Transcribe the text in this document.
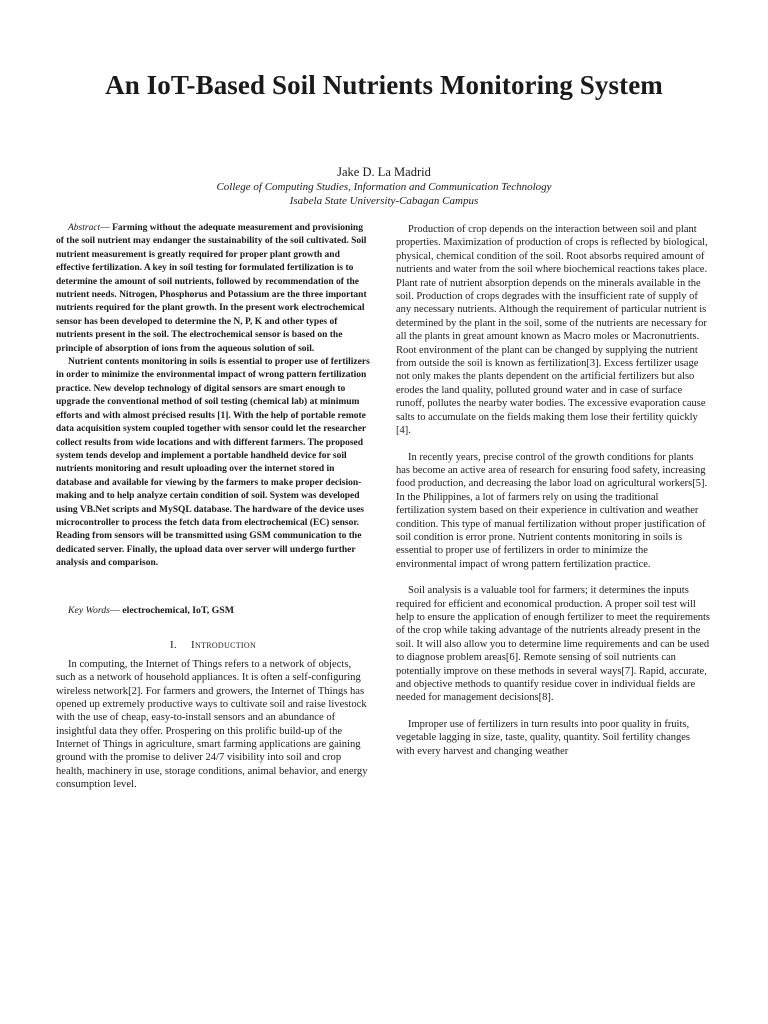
An IoT-Based Soil Nutrients Monitoring System
Jake D. La Madrid
College of Computing Studies, Information and Communication Technology
Isabela State University-Cabagan Campus

Abstract— Farming without the adequate measurement and provisioning of the soil nutrient may endanger the sustainability of the soil cultivated. Soil nutrient measurement is greatly required for proper plant growth and effective fertilization. A key in soil testing for formulated fertilization is to determine the amount of soil nutrients, followed by recommendation of the nutrient needs. Nitrogen, Phosphorus and Potassium are the three important nutrients required for the plant growth. In the present work electrochemical sensor has been developed to determine the N, P, K and other types of nutrients present in the soil. The electrochemical sensor is based on the principle of absorption of ions from the aqueous solution of soil.

Nutrient contents monitoring in soils is essential to proper use of fertilizers in order to minimize the environmental impact of wrong pattern fertilization practice. New develop technology of digital sensors are smart enough to upgrade the conventional method of soil testing (chemical lab) at minimum efforts and with almost précised results [1]. With the help of portable remote data acquisition system coupled together with sensor could let the researcher collect results from wide locations and with different farmers. The proposed system tends develop and implement a portable handheld device for soil nutrients monitoring and result uploading over the internet stored in database and available for viewing by the farmers to make proper decision-making and to help analyze certain condition of soil. System was developed using VB.Net scripts and MySQL database. The hardware of the device uses microcontroller to process the fetch data from electrochemical (EC) sensor. Reading from sensors will be transmitted using GSM communication to the dedicated server. Finally, the upload data over server will undergo further analysis and comparison.

Key Words— electrochemical, IoT, GSM

I. Introduction

In computing, the Internet of Things refers to a network of objects, such as a network of household appliances. It is often a self-configuring wireless network[2]. For farmers and growers, the Internet of Things has opened up extremely productive ways to cultivate soil and raise livestock with the use of cheap, easy-to-install sensors and an abundance of insightful data they offer. Prospering on this prolific build-up of the Internet of Things in agriculture, smart farming applications are gaining ground with the promise to deliver 24/7 visibility into soil and crop health, machinery in use, storage conditions, animal behavior, and energy consumption level.

Production of crop depends on the interaction between soil and plant properties. Maximization of production of crops is reflected by biological, physical, chemical condition of the soil. Root absorbs required amount of nutrients and water from the soil where biochemical reactions takes place. Plant rate of nutrient absorption depends on the minerals available in the soil. Production of crops degrades with the insufficient rate of supply of any necessary nutrients. Although the requirement of particular nutrient is determined by the plant in the soil, some of the nutrients are necessary for all the plants in great amount known as Macro moles or Macronutrients. Root environment of the plant can be changed by supplying the nutrient from outside the soil is known as fertilization[3]. Excess fertilizer usage not only makes the plants dependent on the artificial fertilizers but also erodes the land quality, polluted ground water and in case of surface runoff, pollutes the nearby water bodies. The excessive evaporation cause salts to accumulate on the fields making them lose their fertility quickly [4].

In recently years, precise control of the growth conditions for plants has become an active area of research for ensuring food safety, increasing food production, and decreasing the labor load on agricultural workers[5].

In the Philippines, a lot of farmers rely on using the traditional fertilization system based on their experience in cultivation and weather condition. This type of manual fertilization without proper justification of soil condition is error prone. Nutrient contents monitoring in soils is essential to proper use of fertilizers in order to minimize the environmental impact of wrong pattern fertilization practice.

Soil analysis is a valuable tool for farmers; it determines the inputs required for efficient and economical production. A proper soil test will help to ensure the application of enough fertilizer to meet the requirements of the crop while taking advantage of the nutrients already present in the soil. It will also allow you to determine lime requirements and can be used to diagnose problem areas[6]. Remote sensing of soil nutrients can potentially improve on these methods in several ways[7]. Rapid, accurate, and objective methods to quantify residue cover in individual fields are needed for management decisions[8].

Improper use of fertilizers in turn results into poor quality in fruits, vegetable lagging in size, taste, quality, quantity. Soil fertility changes with every harvest and changing weather
